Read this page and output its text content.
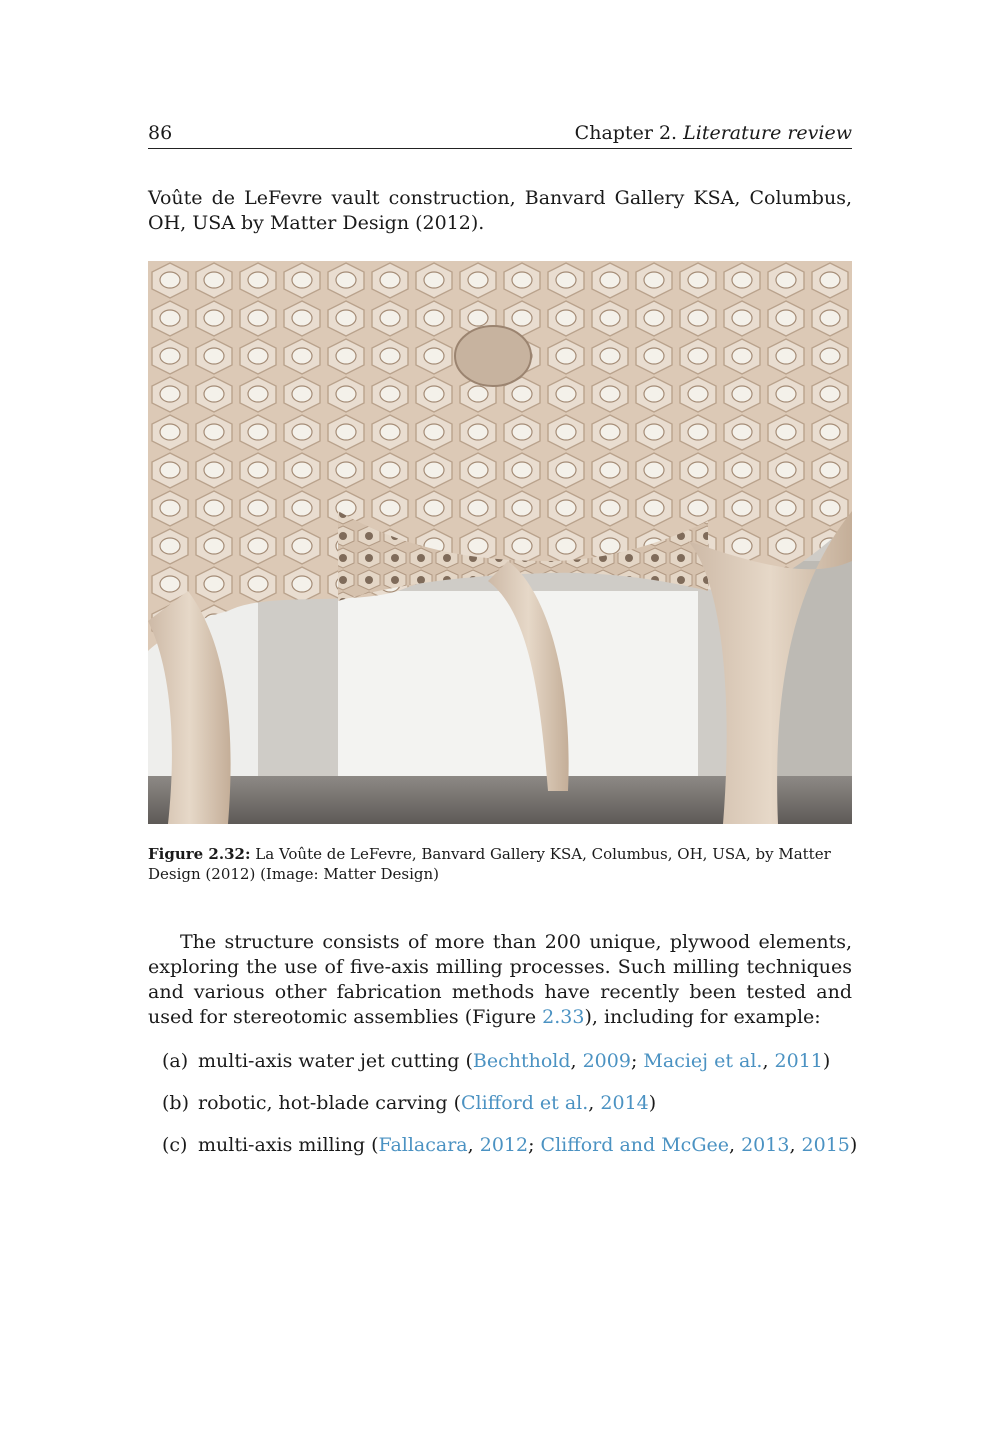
86	Chapter 2. Literature review
Voûte de LeFevre vault construction, Banvard Gallery KSA, Columbus, OH, USA by Matter Design (2012).
Figure 2.32: La Voûte de LeFevre, Banvard Gallery KSA, Columbus, OH, USA, by Matter Design (2012) (Image: Matter Design)
The structure consists of more than 200 unique, plywood elements, exploring the use of five-axis milling processes. Such milling techniques and various other fabrication methods have recently been tested and used for stereotomic assemblies (Figure 2.33), including for example:
(a) multi-axis water jet cutting (Bechthold, 2009; Maciej et al., 2011)
(b) robotic, hot-blade carving (Clifford et al., 2014)
(c) multi-axis milling (Fallacara, 2012; Clifford and McGee, 2013, 2015)
